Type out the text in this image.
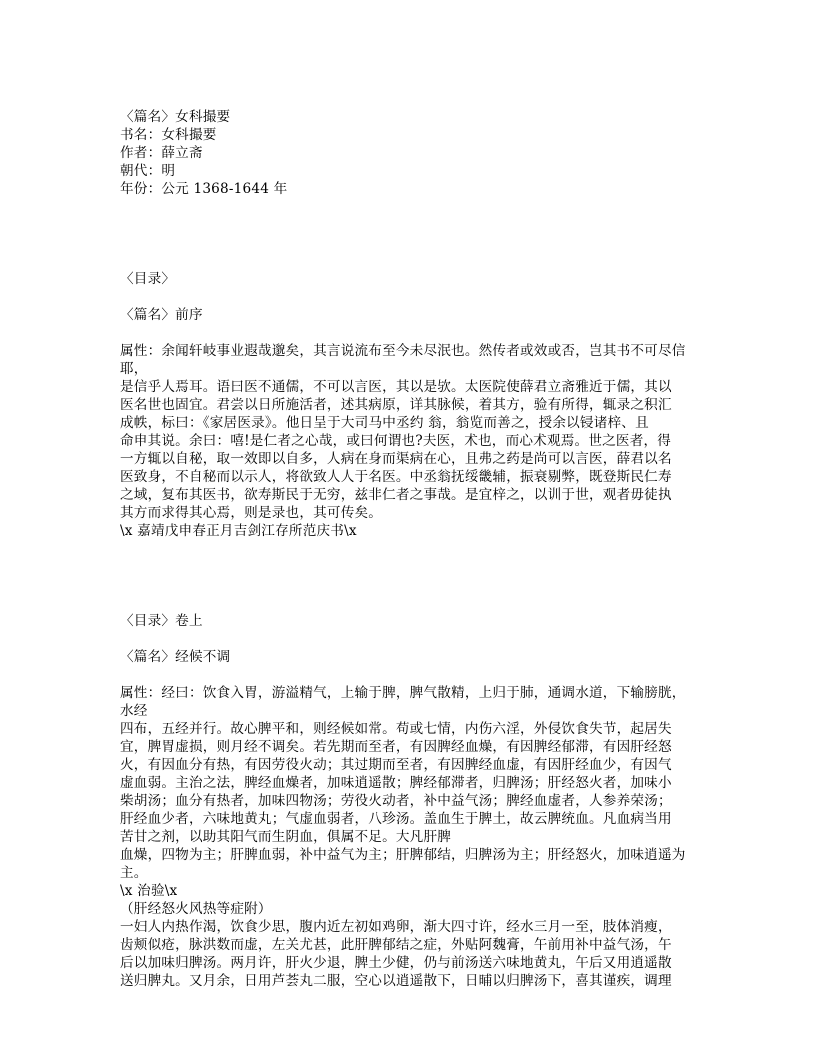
〈篇名〉女科撮要
书名：女科撮要
作者：薛立斋
朝代：明
年份：公元 1368-1644 年
〈目录〉
〈篇名〉前序
属性：余闻轩岐事业遐哉邈矣，其言说流布至今未尽泯也。然传者或效或否，岂其书不可尽信
耶，
是信乎人焉耳。语曰医不通儒，不可以言医，其以是欤。太医院使薛君立斋雅近于儒，其以
医名世也固宜。君尝以日所施活者，述其病原，详其脉候，着其方，验有所得，辄录之积汇
成帙，标曰：《家居医录》。他日呈于大司马中丞约 翁，翁览而善之，授余以锓诸梓、且
命申其说。余曰：嘻!是仁者之心哉，或曰何谓也?夫医，术也，而心术观焉。世之医者，得
一方辄以自秘，取一效即以自多，人病在身而渠病在心，且弗之药是尚可以言医，薛君以名
医致身，不自秘而以示人，将欲致人人于名医。中丞翁抚绥畿辅，振衰剔弊，既登斯民仁寿
之域，复布其医书，欲寿斯民于无穷，兹非仁者之事哉。是宜梓之，以训于世，观者毋徒执
其方而求得其心焉，则是录也，其可传矣。
\x 嘉靖戊申春正月吉剑江存所范庆书\x
〈目录〉卷上
〈篇名〉经候不调
属性：经曰：饮食入胃，游溢精气，上输于脾，脾气散精，上归于肺，通调水道，下输膀胱，
水经
四布，五经并行。故心脾平和，则经候如常。苟或七情，内伤六淫，外侵饮食失节，起居失
宜，脾胃虚损，则月经不调矣。若先期而至者，有因脾经血燥，有因脾经郁滞，有因肝经怒
火，有因血分有热，有因劳役火动；其过期而至者，有因脾经血虚，有因肝经血少，有因气
虚血弱。主治之法，脾经血燥者，加味逍遥散；脾经郁滞者，归脾汤；肝经怒火者，加味小
柴胡汤；血分有热者，加味四物汤；劳役火动者，补中益气汤；脾经血虚者，人参养荣汤；
肝经血少者，六味地黄丸；气虚血弱者，八珍汤。盖血生于脾土，故云脾统血。凡血病当用
苦甘之剂，以助其阳气而生阴血，俱属不足。大凡肝脾
血燥，四物为主；肝脾血弱，补中益气为主；肝脾郁结，归脾汤为主；肝经怒火，加味逍遥为
主。
\x 治验\x
（肝经怒火风热等症附）
一妇人内热作渴，饮食少思，腹内近左初如鸡卵，渐大四寸许，经水三月一至，肢体消瘦，
齿颊似疮，脉洪数而虚，左关尤甚，此肝脾郁结之症，外贴阿魏膏，午前用补中益气汤，午
后以加味归脾汤。两月许，肝火少退，脾土少健，仍与前汤送六味地黄丸，午后又用逍遥散
送归脾丸。又月余，日用芦荟丸二服，空心以逍遥散下，日晡以归脾汤下，喜其谨疾，调理
